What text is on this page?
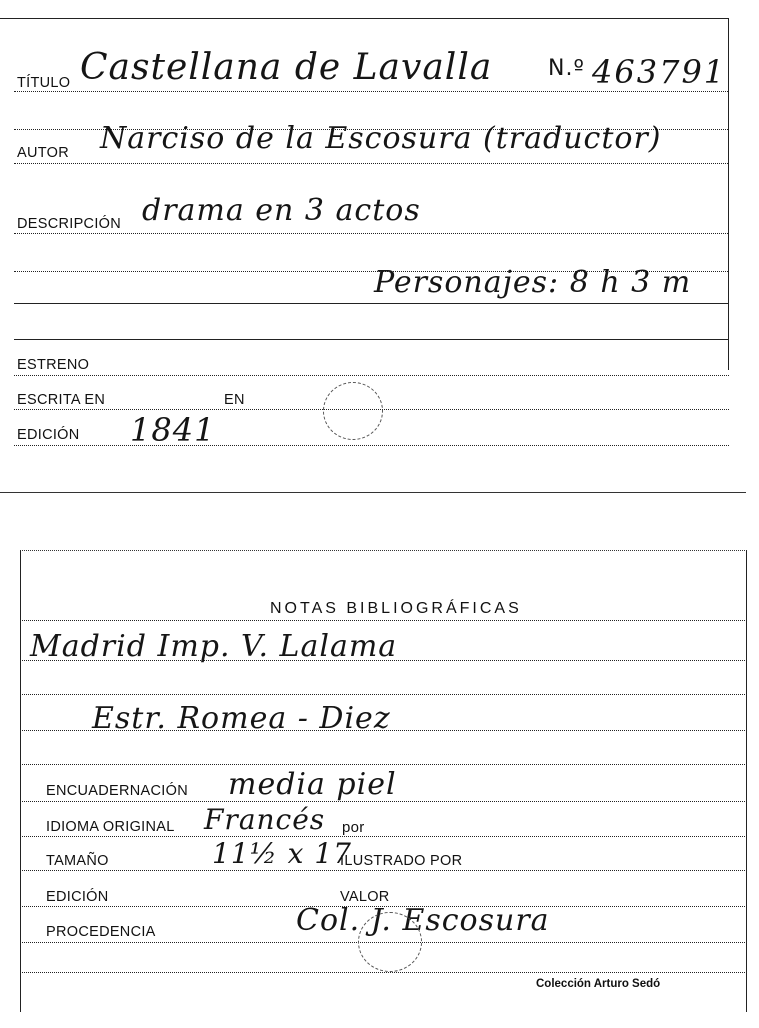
TÍTULO Castellana de Lavalla	N.º 463791
AUTOR Narciso de la Escosura (traductor)
DESCRIPCIÓN drama en 3 actos
Personajes: 8 h 3 m
ESTRENO
ESCRITA EN	EN
EDICIÓN 1841
NOTAS BIBLIOGRÁFICAS
Madrid Imp. V. Lalama
Estr. Romea - Diez
ENCUADERNACIÓN media piel
IDIOMA ORIGINAL Francés por
TAMAÑO	11½ x 17
ILUSTRADO POR
EDICIÓN	VALOR
PROCEDENCIA	Col. J. Escosura
Colección Arturo Sedó
